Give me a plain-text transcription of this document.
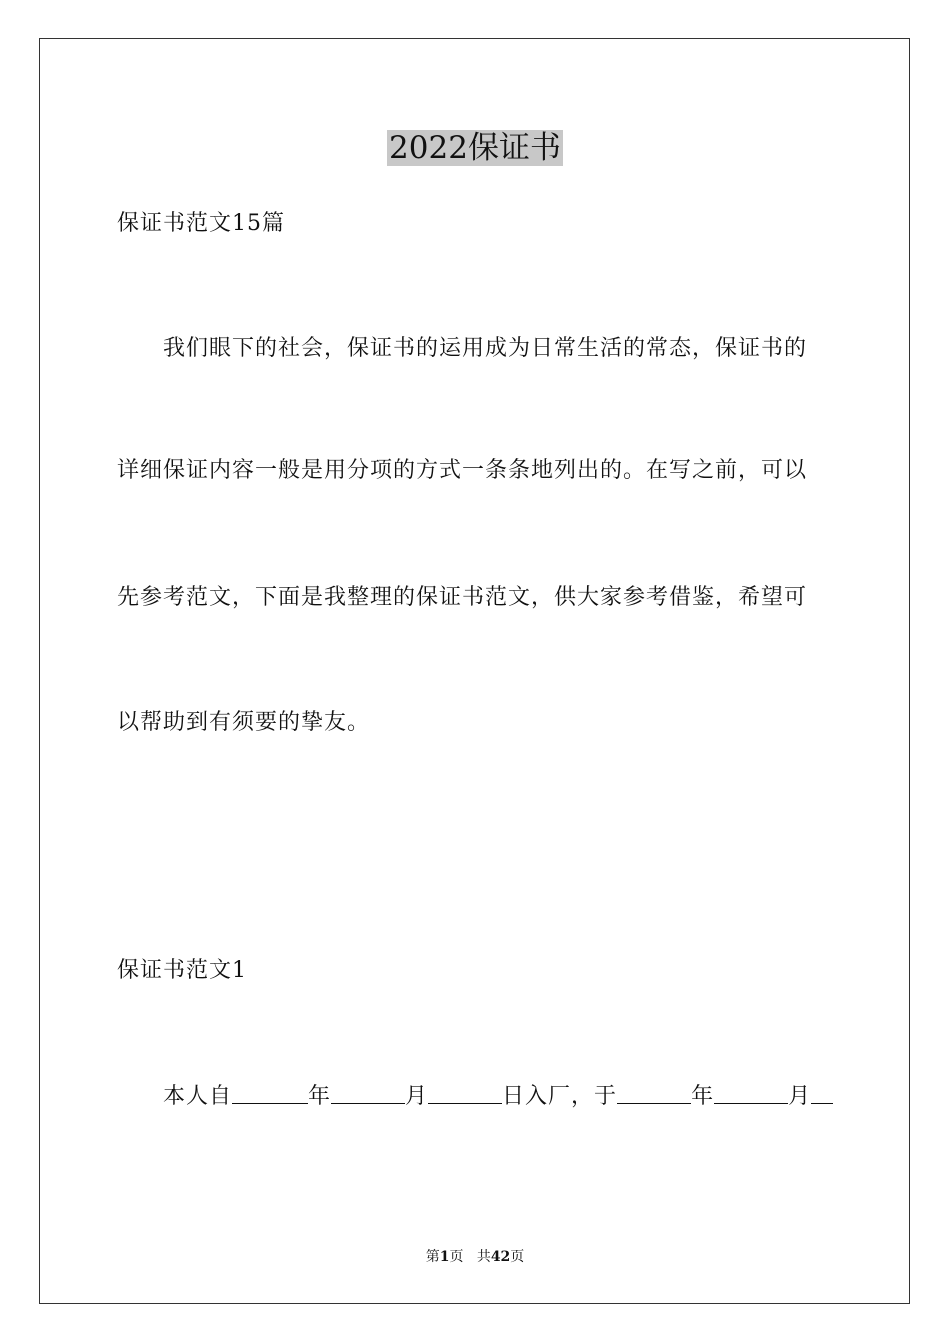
2022保证书
保证书范文15篇
我们眼下的社会，保证书的运用成为日常生活的常态，保证书的
详细保证内容一般是用分项的方式一条条地列出的。在写之前，可以
先参考范文，下面是我整理的保证书范文，供大家参考借鉴，希望可
以帮助到有须要的挚友。
保证书范文1
本人自	年	月	日入厂，于	年	月
第1页 共42页
